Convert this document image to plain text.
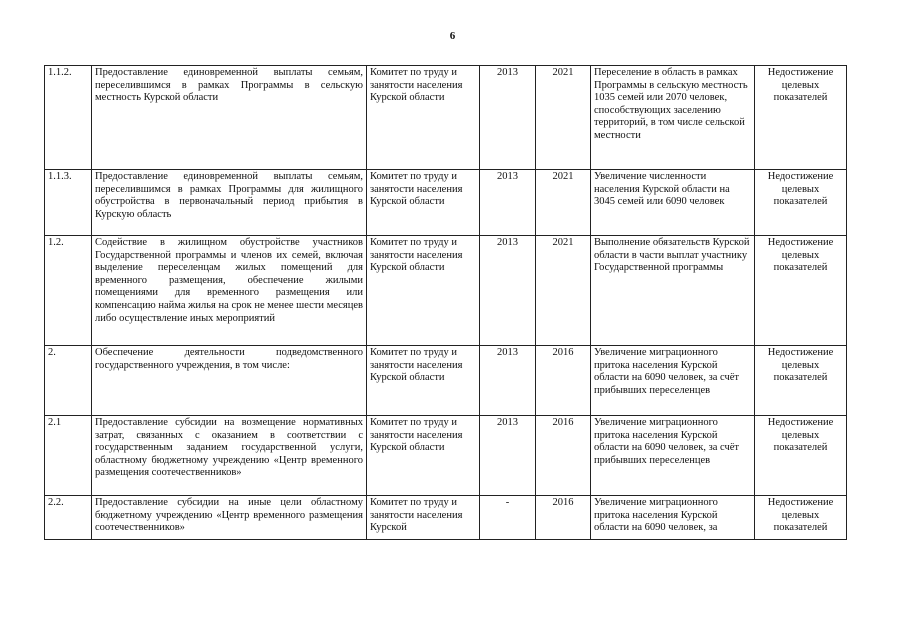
6
1.1.2.	Предоставление единовременной выплаты семьям, переселившимся в рамках Программы в сельскую местность Курской области	Комитет по труду и занятости населения Курской области	2013	2021	Переселение в область в рамках Программы в сельскую местность 1035 семей или 2070 человек, способствующих заселению территорий, в том числе сельской местности	Недостижение целевых показателей
1.1.3.	Предоставление единовременной выплаты семьям, переселившимся в рамках Программы для жилищного обустройства в первоначальный период прибытия в Курскую область	Комитет по труду и занятости населения Курской области	2013	2021	Увеличение численности населения Курской области на 3045 семей или 6090 человек	Недостижение целевых показателей
1.2.	Содействие в жилищном обустройстве участников Государственной программы и членов их семей, включая выделение переселенцам жилых помещений для временного размещения, обеспечение жилыми помещениями для временного размещения или компенсацию найма жилья на срок не менее шести месяцев либо осуществление иных мероприятий	Комитет по труду и занятости населения Курской области	2013	2021	Выполнение обязательств Курской области в части выплат участнику Государственной программы	Недостижение целевых показателей
2.	Обеспечение деятельности подведомственного государственного учреждения, в том числе:	Комитет по труду и занятости населения Курской области	2013	2016	Увеличение миграционного притока населения Курской области на 6090 человек, за счёт прибывших переселенцев	Недостижение целевых показателей
2.1	Предоставление субсидии на возмещение нормативных затрат, связанных с оказанием в соответствии с государственным заданием государственной услуги, областному бюджетному учреждению «Центр временного размещения соотечественников»	Комитет по труду и занятости населения Курской области	2013	2016	Увеличение миграционного притока населения Курской области на 6090 человек, за счёт прибывших переселенцев	Недостижение целевых показателей
2.2.	Предоставление субсидии на иные цели областному бюджетному учреждению «Центр временного размещения соотечественников»	Комитет по труду и занятости населения Курской	-	2016	Увеличение миграционного притока населения Курской области на 6090 человек, за	Недостижение целевых показателей
